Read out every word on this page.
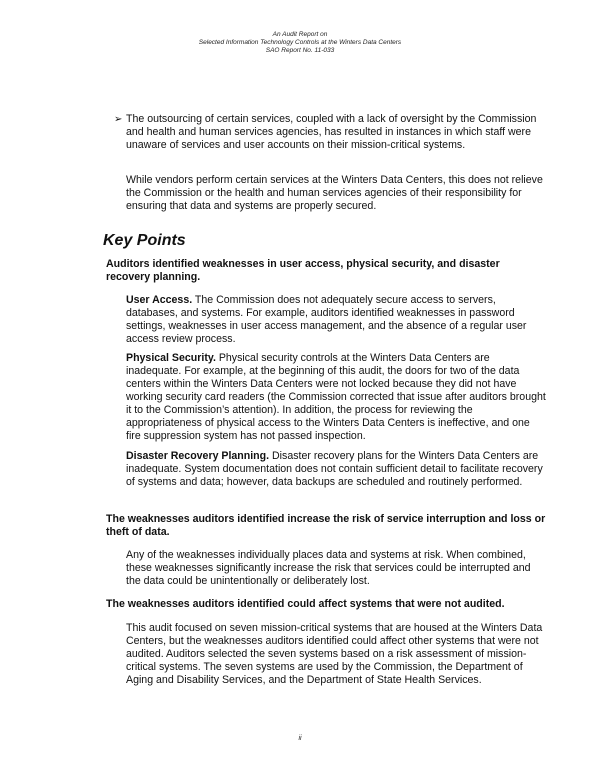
An Audit Report on
Selected Information Technology Controls at the Winters Data Centers
SAO Report No. 11-033
➢ The outsourcing of certain services, coupled with a lack of oversight by the Commission and health and human services agencies, has resulted in instances in which staff were unaware of services and user accounts on their mission-critical systems.
While vendors perform certain services at the Winters Data Centers, this does not relieve the Commission or the health and human services agencies of their responsibility for ensuring that data and systems are properly secured.
Key Points
Auditors identified weaknesses in user access, physical security, and disaster recovery planning.
User Access. The Commission does not adequately secure access to servers, databases, and systems. For example, auditors identified weaknesses in password settings, weaknesses in user access management, and the absence of a regular user access review process.
Physical Security. Physical security controls at the Winters Data Centers are inadequate. For example, at the beginning of this audit, the doors for two of the data centers within the Winters Data Centers were not locked because they did not have working security card readers (the Commission corrected that issue after auditors brought it to the Commission’s attention). In addition, the process for reviewing the appropriateness of physical access to the Winters Data Centers is ineffective, and one fire suppression system has not passed inspection.
Disaster Recovery Planning. Disaster recovery plans for the Winters Data Centers are inadequate. System documentation does not contain sufficient detail to facilitate recovery of systems and data; however, data backups are scheduled and routinely performed.
The weaknesses auditors identified increase the risk of service interruption and loss or theft of data.
Any of the weaknesses individually places data and systems at risk. When combined, these weaknesses significantly increase the risk that services could be interrupted and the data could be unintentionally or deliberately lost.
The weaknesses auditors identified could affect systems that were not audited.
This audit focused on seven mission-critical systems that are housed at the Winters Data Centers, but the weaknesses auditors identified could affect other systems that were not audited. Auditors selected the seven systems based on a risk assessment of mission-critical systems. The seven systems are used by the Commission, the Department of Aging and Disability Services, and the Department of State Health Services.
ii
